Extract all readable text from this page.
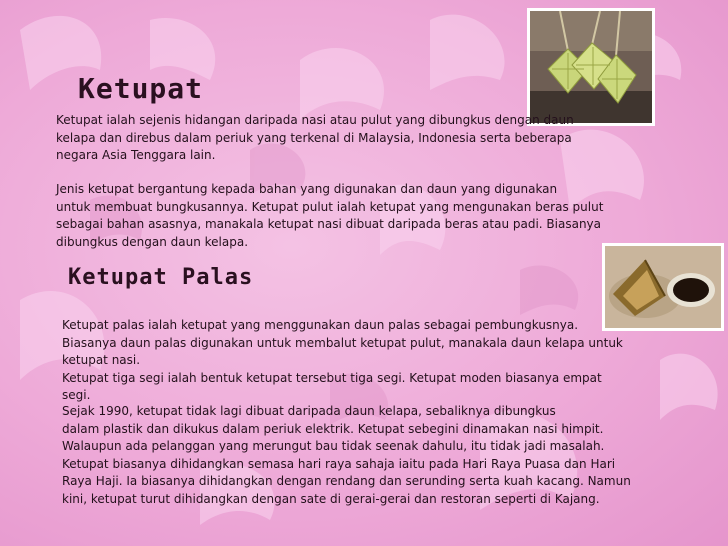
Ketupat

Ketupat ialah sejenis hidangan daripada nasi atau pulut yang dibungkus dengan daun
kelapa dan direbus dalam periuk yang terkenal di Malaysia, Indonesia serta beberapa
negara Asia Tenggara lain.

Jenis ketupat bergantung kepada bahan yang digunakan dan daun yang digunakan
untuk membuat bungkusannya. Ketupat pulut ialah ketupat yang mengunakan beras pulut
sebagai bahan asasnya, manakala ketupat nasi dibuat daripada beras atau padi. Biasanya
dibungkus dengan daun kelapa.

Ketupat Palas

Ketupat palas ialah ketupat yang menggunakan daun palas sebagai pembungkusnya.
Biasanya daun palas digunakan untuk membalut ketupat pulut, manakala daun kelapa untuk
ketupat nasi.
Ketupat tiga segi ialah bentuk ketupat tersebut tiga segi. Ketupat moden biasanya empat
segi.

Sejak 1990, ketupat tidak lagi dibuat daripada daun kelapa, sebaliknya dibungkus
dalam plastik dan dikukus dalam periuk elektrik. Ketupat sebegini dinamakan nasi himpit.
Walaupun ada pelanggan yang merungut bau tidak seenak dahulu, itu tidak jadi masalah.
Ketupat biasanya dihidangkan semasa hari raya sahaja iaitu pada Hari Raya Puasa dan Hari
Raya Haji. Ia biasanya dihidangkan dengan rendang dan serunding serta kuah kacang. Namun
kini, ketupat turut dihidangkan dengan sate di gerai-gerai dan restoran seperti di Kajang.
